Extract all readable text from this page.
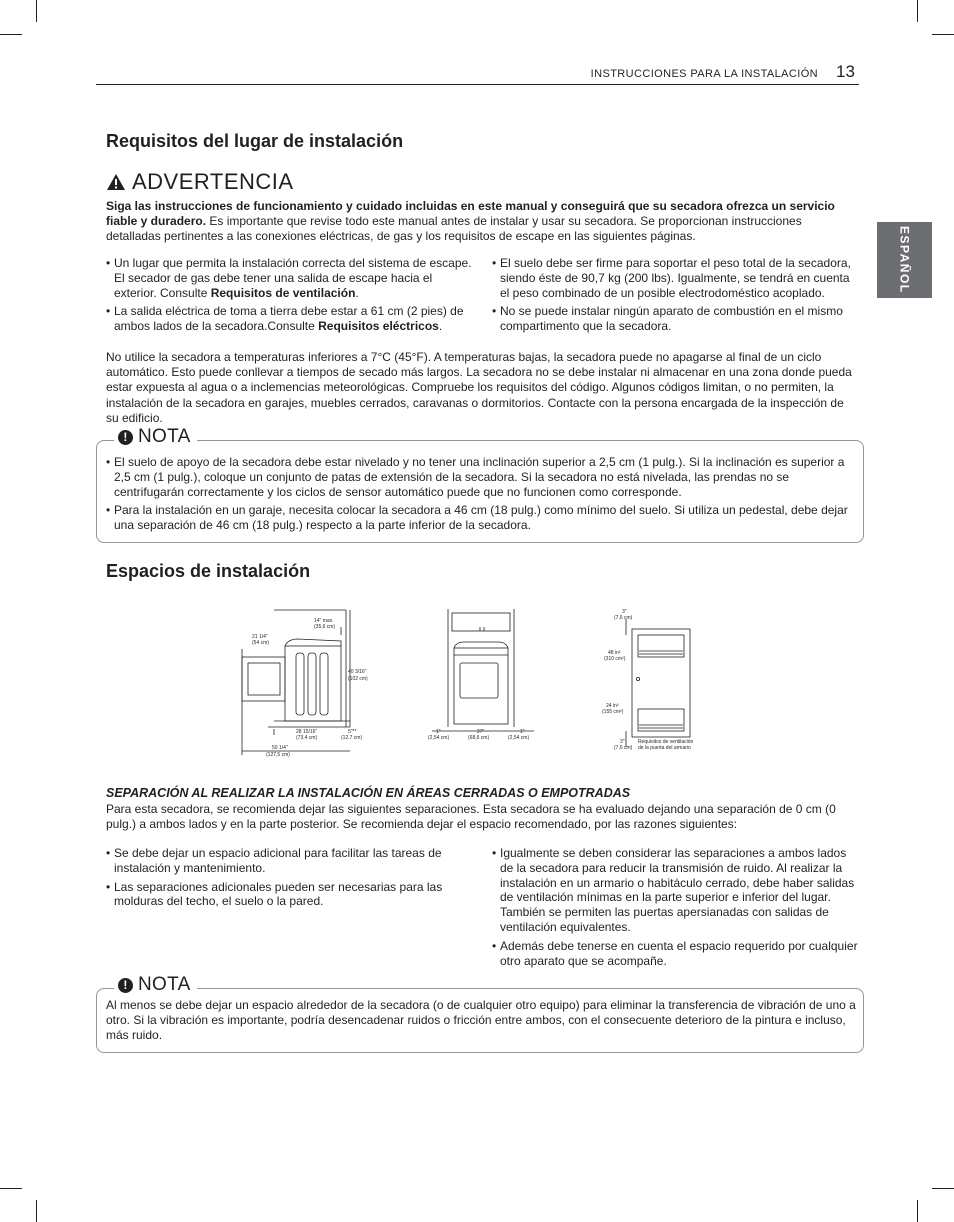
INSTRUCCIONES PARA LA INSTALACIÓN 13
ESPAÑOL
Requisitos del lugar de instalación
ADVERTENCIA

Siga las instrucciones de funcionamiento y cuidado incluidas en este manual y conseguirá que su secadora ofrezca un servicio fiable y duradero. Es importante que revise todo este manual antes de instalar y usar su secadora. Se proporcionan instrucciones detalladas pertinentes a las conexiones eléctricas, de gas y los requisitos de escape en las siguientes páginas.

• Un lugar que permita la instalación correcta del sistema de escape. El secador de gas debe tener una salida de escape hacia el exterior. Consulte Requisitos de ventilación.
• La salida eléctrica de toma a tierra debe estar a 61 cm (2 pies) de ambos lados de la secadora.Consulte Requisitos eléctricos.
• El suelo debe ser firme para soportar el peso total de la secadora, siendo éste de 90,7 kg (200 lbs). Igualmente, se tendrá en cuenta el peso combinado de un posible electrodoméstico acoplado.
• No se puede instalar ningún aparato de combustión en el mismo compartimento que la secadora.

No utilice la secadora a temperaturas inferiores a 7°C (45°F). A temperaturas bajas, la secadora puede no apagarse al final de un ciclo automático. Esto puede conllevar a tiempos de secado más largos. La secadora no se debe instalar ni almacenar en una zona donde pueda estar expuesta al agua o a inclemencias meteorológicas. Compruebe los requisitos del código. Algunos códigos limitan, o no permiten, la instalación de la secadora en garajes, muebles cerrados, caravanas o dormitorios. Contacte con la persona encargada de la inspección de su edificio.

! NOTA
• El suelo de apoyo de la secadora debe estar nivelado y no tener una inclinación superior a 2,5 cm (1 pulg.). Si la inclinación es superior a 2,5 cm (1 pulg.), coloque un conjunto de patas de extensión de la secadora. Si la secadora no está nivelada, las prendas no se centrifugarán correctamente y los ciclos de sensor automático puede que no funcionen como corresponde.
• Para la instalación en un garaje, necesita colocar la secadora a 46 cm (18 pulg.) como mínimo del suelo. Si utiliza un pedestal, debe dejar una separación de 46 cm (18 pulg.) respecto a la parte inferior de la secadora.
Espacios de instalación
21 1/4"
(54 cm)
14" max.
(35,6 cm)
40 3/16"
(102 cm)
28 15/16"
(73,4 cm)
5"**
(12,7 cm)
50 1/4"
(127,5 cm)
1"
(2,54 cm)
27"
(68,6 cm)
1"
(2,54 cm)
3"
(7,6 cm)
48 in²
(310 cm²)
24 in²
(155 cm²)
3"
(7,6 cm)
Requisitos de ventilación
de la puerta del armario
SEPARACIÓN AL REALIZAR LA INSTALACIÓN EN ÁREAS CERRADAS O EMPOTRADAS

Para esta secadora, se recomienda dejar las siguientes separaciones. Esta secadora se ha evaluado dejando una separación de 0 cm (0 pulg.) a ambos lados y en la parte posterior. Se recomienda dejar el espacio recomendado, por las razones siguientes:

• Se debe dejar un espacio adicional para facilitar las tareas de instalación y mantenimiento.
• Las separaciones adicionales pueden ser necesarias para las molduras del techo, el suelo o la pared.
• Igualmente se deben considerar las separaciones a ambos lados de la secadora para reducir la transmisión de ruido. Al realizar la instalación en un armario o habitáculo cerrado, debe haber salidas de ventilación mínimas en la parte superior e inferior del lugar. También se permiten las puertas apersianadas con salidas de ventilación equivalentes.
• Además debe tenerse en cuenta el espacio requerido por cualquier otro aparato que se acompañe.
! NOTA

Al menos se debe dejar un espacio alrededor de la secadora (o de cualquier otro equipo) para eliminar la transferencia de vibración de uno a otro. Si la vibración es importante, podría desencadenar ruidos o fricción entre ambos, con el consecuente deterioro de la pintura e incluso, más ruido.
